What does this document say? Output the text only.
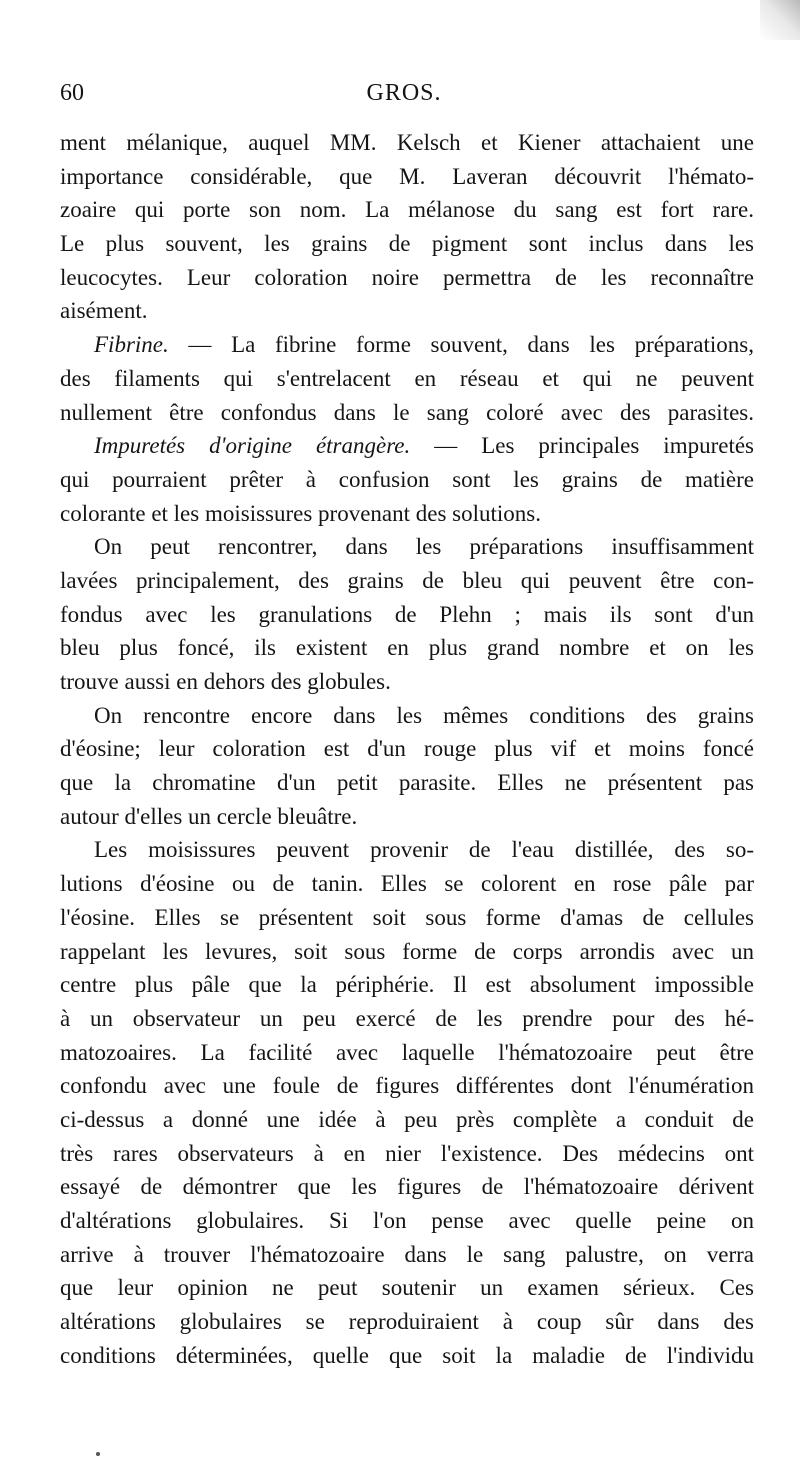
60	GROS.
ment mélanique, auquel MM. Kelsch et Kiener attachaient une
importance considérable, que M. Laveran découvrit l'hémato-
zoaire qui porte son nom. La mélanose du sang est fort rare.
Le plus souvent, les grains de pigment sont inclus dans les
leucocytes. Leur coloration noire permettra de les reconnaître
aisément.
Fibrine. — La fibrine forme souvent, dans les préparations,
des filaments qui s'entrelacent en réseau et qui ne peuvent
nullement être confondus dans le sang coloré avec des parasites.
Impuretés d'origine étrangère. — Les principales impuretés
qui pourraient prêter à confusion sont les grains de matière
colorante et les moisissures provenant des solutions.
On peut rencontrer, dans les préparations insuffisamment
lavées principalement, des grains de bleu qui peuvent être con-
fondus avec les granulations de Plehn ; mais ils sont d'un
bleu plus foncé, ils existent en plus grand nombre et on les
trouve aussi en dehors des globules.
On rencontre encore dans les mêmes conditions des grains
d'éosine; leur coloration est d'un rouge plus vif et moins foncé
que la chromatine d'un petit parasite. Elles ne présentent pas
autour d'elles un cercle bleuâtre.
Les moisissures peuvent provenir de l'eau distillée, des so-
lutions d'éosine ou de tanin. Elles se colorent en rose pâle par
l'éosine. Elles se présentent soit sous forme d'amas de cellules
rappelant les levures, soit sous forme de corps arrondis avec un
centre plus pâle que la périphérie. Il est absolument impossible
à un observateur un peu exercé de les prendre pour des hé-
matozoaires. La facilité avec laquelle l'hématozoaire peut être
confondu avec une foule de figures différentes dont l'énumération
ci-dessus a donné une idée à peu près complète a conduit de
très rares observateurs à en nier l'existence. Des médecins ont
essayé de démontrer que les figures de l'hématozoaire dérivent
d'altérations globulaires. Si l'on pense avec quelle peine on
arrive à trouver l'hématozoaire dans le sang palustre, on verra
que leur opinion ne peut soutenir un examen sérieux. Ces
altérations globulaires se reproduiraient à coup sûr dans des
conditions déterminées, quelle que soit la maladie de l'individu
